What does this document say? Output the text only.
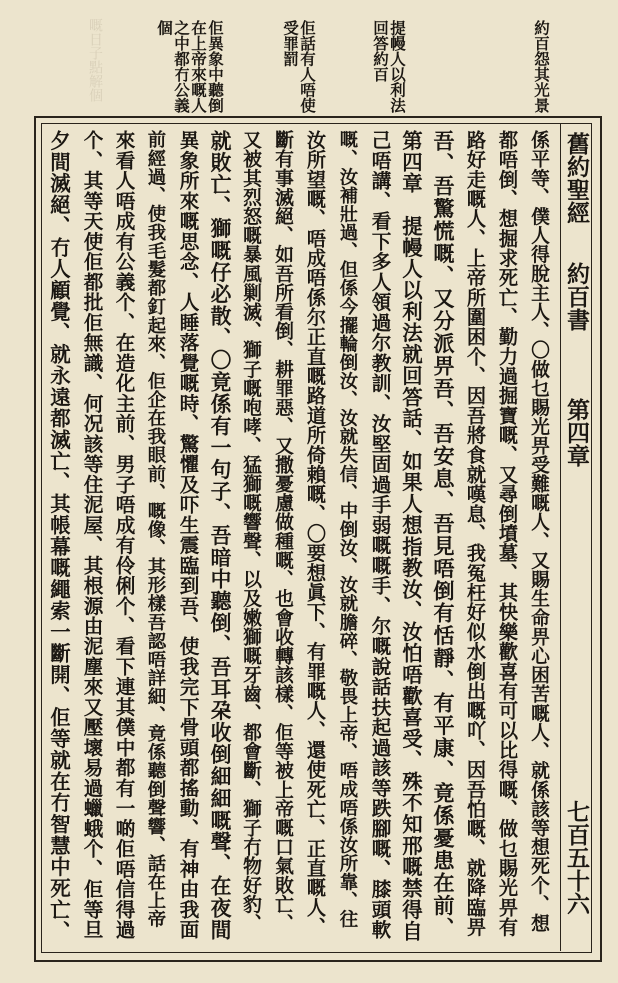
嘅日子點解個	約百怨其光景
提幔人以利法回答約百
佢話有人唔使受罪罰
佢異象中聽倒在上帝來嘅人之中都冇公義個
舊約聖經
約百書
第四章
七百五十六
係平等、僕人得脫主人、〇做乜賜光畀受難嘅人、又賜生命畀心困苦嘅人、就係該等想死个、想
都唔倒、想掘求死亡、勤力過掘寶嘅、又尋倒墳墓、其快樂歡喜有可以比得嘅、做乜賜光畀有
路好走嘅人、上帝所圍困个、因吾將食就嘆息、我冤枉好似水倒出嘅吖、因吾怕嘅、就降臨畀
吾、吾驚慌嘅、又分派畀吾、吾安息、吾見唔倒有恬靜、有平康、竟係憂患在前、
第四章　提幔人以利法就回答話、如果人想指教汝、汝怕唔歡喜受、殊不知邢嘅禁得自
己唔講、看下多人領過尔教訓、汝堅固過手弱嘅嘅手、尔嘅說話扶起過該等跌腳嘅、膝頭軟
嘅、汝補壯過、但係今擺輪倒汝、汝就失信、中倒汝、汝就膽碎、敬畏上帝、唔成唔係汝所靠、往
汝所望嘅、唔成唔係尔正直嘅路道所倚賴嘅、〇要想眞下、有罪嘅人、還使死亡、正直嘅人、
斷有事滅絕、如吾所看倒、耕罪惡、又撒憂慮做種嘅、也會收轉該樣、佢等被上帝嘅口氣敗亡、
又被其烈怒嘅暴風剿滅、獅子嘅咆哮、猛獅嘅響聲、以及嫩獅嘅牙齒、都會斷、獅子冇物好豹、
就敗亡、獅嘅仔必散、〇竟係有一句子、吾暗中聽倒、吾耳朶收倒細細嘅聲、在夜間
異象所來嘅思念、人睡落覺嘅時、驚懼及吓生震臨到吾、使我完下骨頭都搖動、有神由我面
前經過、使我毛髮都釘起來、佢企在我眼前、嘅像、其形樣吾認唔詳細、竟係聽倒聲響、話在上帝
來看人唔成有公義个、在造化主前、男子唔成有伶俐个、看下連其僕中都有一啲佢唔信得過
个、其等天使佢都批佢無識、何况該等住泥屋、其根源由泥塵來又壓壞易過蠟蛾个、佢等旦
夕間滅絕、冇人顧覺、就永遠都滅亡、其帳幕嘅繩索一斷開、佢等就在冇智慧中死亡、
